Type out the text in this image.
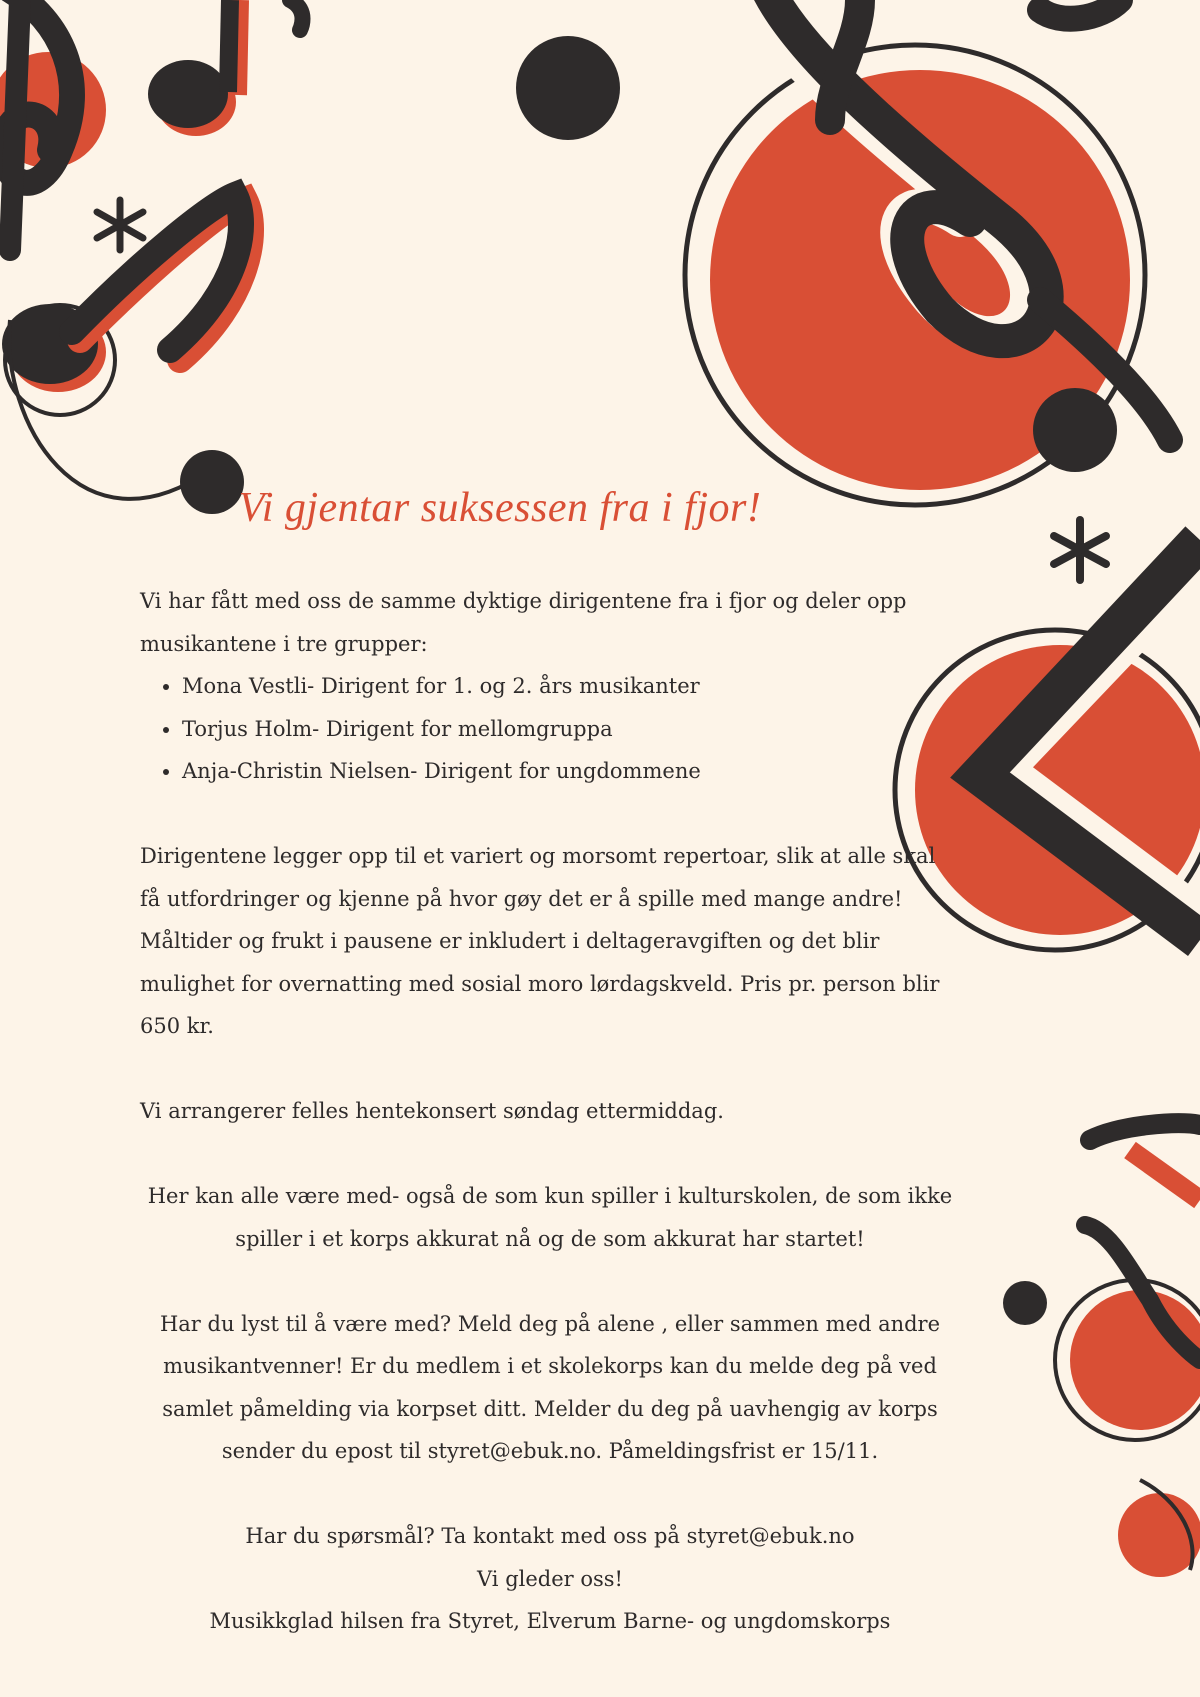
Vi gjentar suksessen fra i fjor!

Vi har fått med oss de samme dyktige dirigentene fra i fjor og deler opp musikantene i tre grupper:

• Mona Vestli- Dirigent for 1. og 2. års musikanter
• Torjus Holm- Dirigent for mellomgruppa
• Anja-Christin Nielsen- Dirigent for ungdommene

Dirigentene legger opp til et variert og morsomt repertoar, slik at alle skal få utfordringer og kjenne på hvor gøy det er å spille med mange andre!

Måltider og frukt i pausene er inkludert i deltageravgiften og det blir mulighet for overnatting med sosial moro lørdagskveld. Pris pr. person blir 650 kr.

Vi arrangerer felles hentekonsert søndag ettermiddag.

Her kan alle være med- også de som kun spiller i kulturskolen, de som ikke spiller i et korps akkurat nå og de som akkurat har startet!

Har du lyst til å være med? Meld deg på alene , eller sammen med andre musikantvenner! Er du medlem i et skolekorps kan du melde deg på ved samlet påmelding via korpset ditt. Melder du deg på uavhengig av korps sender du epost til styret@ebuk.no. Påmeldingsfrist er 15/11.

Har du spørsmål? Ta kontakt med oss på styret@ebuk.no

Vi gleder oss!

Musikkglad hilsen fra Styret, Elverum Barne- og ungdomskorps
